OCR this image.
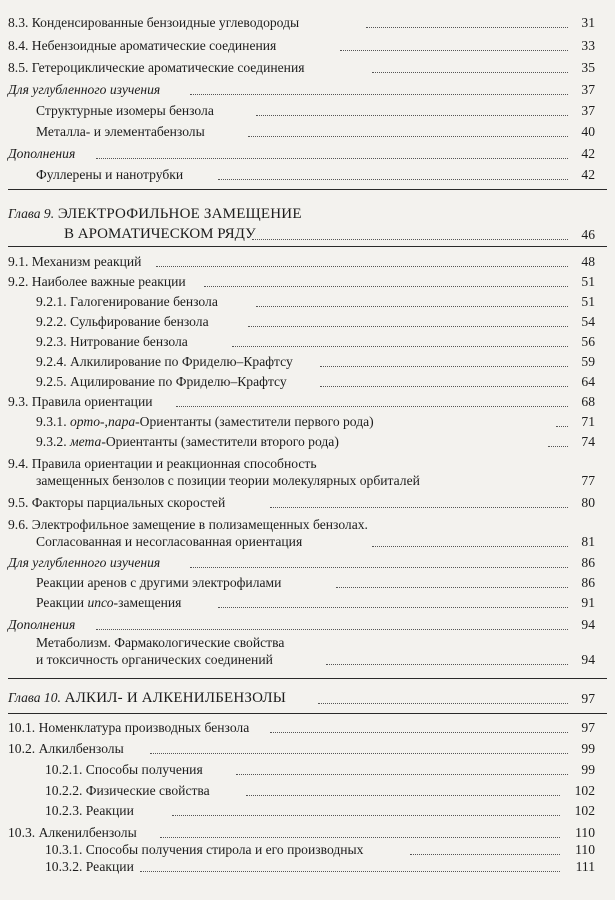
8.3. Конденсированные бензоидные углеводороды	31
8.4. Небензоидные ароматические соединения	33
8.5. Гетероциклические ароматические соединения	35
Для углубленного изучения	37
Структурные изомеры бензола	37
Металла- и элементабензолы	40
Дополнения	42
Фуллерены и нанотрубки	42
Глава 9. ЭЛЕКТРОФИЛЬНОЕ ЗАМЕЩЕНИЕ
В АРОМАТИЧЕСКОМ РЯДУ	46
9.1. Механизм реакций	48
9.2. Наиболее важные реакции	51
9.2.1. Галогенирование бензола	51
9.2.2. Сульфирование бензола	54
9.2.3. Нитрование бензола	56
9.2.4. Алкилирование по Фриделю–Крафтсу	59
9.2.5. Ацилирование по Фриделю–Крафтсу	64
9.3. Правила ориентации	68
9.3.1. орто-,пара-Ориентанты (заместители первого рода)	71
9.3.2. мета-Ориентанты (заместители второго рода)	74
9.4. Правила ориентации и реакционная способность
замещенных бензолов с позиции теории молекулярных орбиталей	77
9.5. Факторы парциальных скоростей	80
9.6. Электрофильное замещение в полизамещенных бензолах.
Согласованная и несогласованная ориентация	81
Для углубленного изучения	86
Реакции аренов с другими электрофилами	86
Реакции ипсо-замещения	91
Дополнения	94
Метаболизм. Фармакологические свойства
и токсичность органических соединений	94
Глава 10. АЛКИЛ- И АЛКЕНИЛБЕНЗОЛЫ	97
10.1. Номенклатура производных бензола	97
10.2. Алкилбензолы	99
10.2.1. Способы получения	99
10.2.2. Физические свойства	102
10.2.3. Реакции	102
10.3. Алкенилбензолы	110
10.3.1. Способы получения стирола и его производных	110
10.3.2. Реакции	111
